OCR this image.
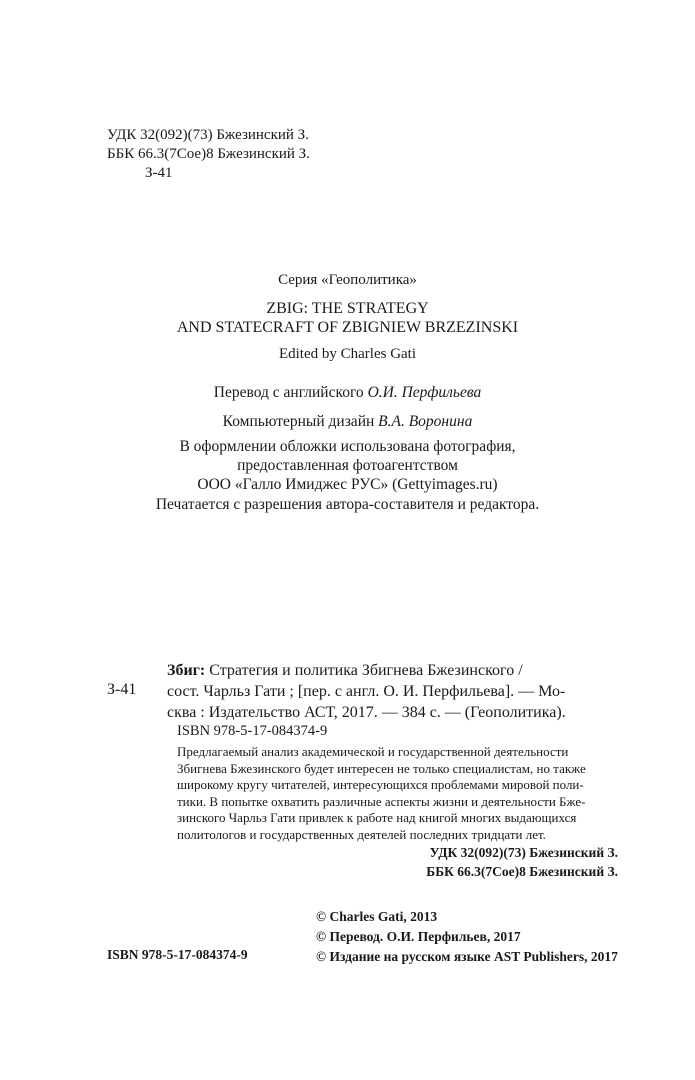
УДК 32(092)(73) Бжезинский З.
ББК 66.3(7Сое)8 Бжезинский З.
З-41
Серия «Геополитика»
ZBIG: THE STRATEGY
AND STATECRAFT OF ZBIGNIEW BRZEZINSKI
Edited by Charles Gati
Перевод с английского О.И. Перфильева
Компьютерный дизайн В.А. Воронина
В оформлении обложки использована фотография,
предоставленная фотоагентством
ООО «Галло Имиджес РУС» (Gettyimages.ru)
Печатается с разрешения автора-составителя и редактора.
З-41
Збиг: Стратегия и политика Збигнева Бжезинского /
сост. Чарльз Гати ; [пер. с англ. О. И. Перфильева]. — Мо-
сква : Издательство АСТ, 2017. — 384 с. — (Геополитика).
ISBN 978-5-17-084374-9
Предлагаемый анализ академической и государственной деятельности
Збигнева Бжезинского будет интересен не только специалистам, но также
широкому кругу читателей, интересующихся проблемами мировой поли-
тики. В попытке охватить различные аспекты жизни и деятельности Бже-
зинского Чарльз Гати привлек к работе над книгой многих выдающихся
политологов и государственных деятелей последних тридцати лет.
УДК 32(092)(73) Бжезинский З.
ББК 66.3(7Сое)8 Бжезинский З.
© Charles Gati, 2013
© Перевод. О.И. Перфильев, 2017
© Издание на русском языке AST Publishers, 2017
ISBN 978-5-17-084374-9
